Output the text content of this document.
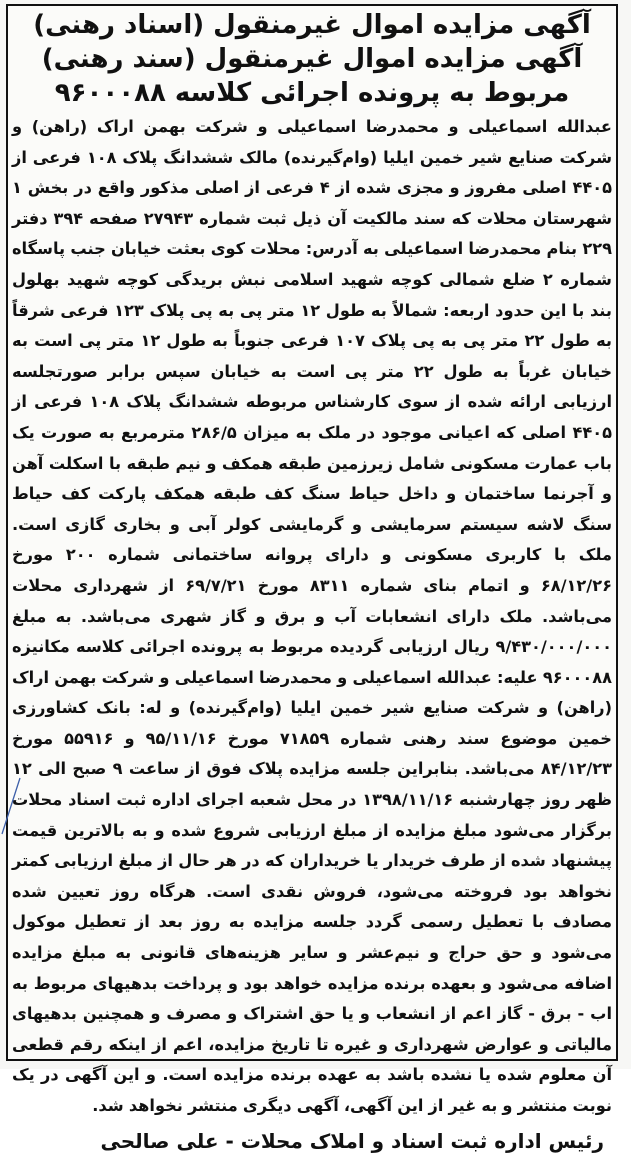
آگهی مزایده اموال غیرمنقول (اسناد رهنی)

آگهی مزایده اموال غیرمنقول (سند رهنی)

مربوط به پرونده اجرائی کلاسه ۹۶۰۰۰۸۸

عبدالله اسماعیلی و محمدرضا اسماعیلی و شرکت بهمن اراک (راهن) و شرکت صنایع شیر خمین ایلیا (وام‌گیرنده) مالک ششدانگ پلاک ۱۰۸ فرعی از ۴۴۰۵ اصلی مفروز و مجزی شده از ۴ فرعی از اصلی مذکور واقع در بخش ۱ شهرستان محلات که سند مالکیت آن ذیل ثبت شماره ۲۷۹۴۳ صفحه ۳۹۴ دفتر ۲۲۹ بنام محمدرضا اسماعیلی به آدرس: محلات کوی بعثت خیابان جنب پاسگاه شماره ۲ ضلع شمالی کوچه شهید اسلامی نبش بریدگی کوچه شهید بهلول بند با این حدود اربعه: شمالاً به طول ۱۲ متر پی به پی پلاک ۱۲۳ فرعی شرقاً به طول ۲۲ متر پی به پی پلاک ۱۰۷ فرعی جنوباً به طول ۱۲ متر پی است به خیابان غرباً به طول ۲۲ متر پی است به خیابان سپس برابر صورتجلسه ارزیابی ارائه شده از سوی کارشناس مربوطه ششدانگ پلاک ۱۰۸ فرعی از ۴۴۰۵ اصلی که اعیانی موجود در ملک به میزان ۲۸۶/۵ مترمربع به صورت یک باب عمارت مسکونی شامل زیرزمین طبقه همکف و نیم طبقه با اسکلت آهن و آجرنما ساختمان و داخل حیاط سنگ کف طبقه همکف پارکت کف حیاط سنگ لاشه سیستم سرمایشی و گرمایشی کولر آبی و بخاری گازی است. ملک با کاربری مسکونی و دارای پروانه ساختمانی شماره ۲۰۰ مورخ ۶۸/۱۲/۲۶ و اتمام بنای شماره ۸۳۱۱ مورخ ۶۹/۷/۲۱ از شهرداری محلات می‌باشد. ملک دارای انشعابات آب و برق و گاز شهری می‌باشد. به مبلغ ۹/۴۳۰/۰۰۰/۰۰۰ ریال ارزیابی گردیده مربوط به پرونده اجرائی کلاسه مکانیزه ۹۶۰۰۰۸۸ علیه: عبدالله اسماعیلی و محمدرضا اسماعیلی و شرکت بهمن اراک (راهن) و شرکت صنایع شیر خمین ایلیا (وام‌گیرنده) و له: بانک کشاورزی خمین موضوع سند رهنی شماره ۷۱۸۵۹ مورخ ۹۵/۱۱/۱۶ و ۵۵۹۱۶ مورخ ۸۴/۱۲/۲۳ می‌باشد. بنابراین جلسه مزایده پلاک فوق از ساعت ۹ صبح الی ۱۲ ظهر روز چهارشنبه ۱۳۹۸/۱۱/۱۶ در محل شعبه اجرای اداره ثبت اسناد محلات برگزار می‌شود مبلغ مزایده از مبلغ ارزیابی شروع شده و به بالاترین قیمت پیشنهاد شده از طرف خریدار یا خریداران که در هر حال از مبلغ ارزیابی کمتر نخواهد بود فروخته می‌شود، فروش نقدی است. هرگاه روز تعیین شده مصادف با تعطیل رسمی گردد جلسه مزایده به روز بعد از تعطیل موکول می‌شود و حق حراج و نیم‌عشر و سایر هزینه‌های قانونی به مبلغ مزایده اضافه می‌شود و بعهده برنده مزایده خواهد بود و پرداخت بدهیهای مربوط به اب - برق - گاز اعم از انشعاب و یا حق اشتراک و مصرف و همچنین بدهیهای مالیاتی و عوارض شهرداری و غیره تا تاریخ مزایده، اعم از اینکه رقم قطعی آن معلوم شده یا نشده باشد به عهده برنده مزایده است. و این آگهی در یک نوبت منتشر و به غیر از این آگهی، آگهی دیگری منتشر نخواهد شد.

رئیس اداره ثبت اسناد و املاک محلات - علی صالحی
